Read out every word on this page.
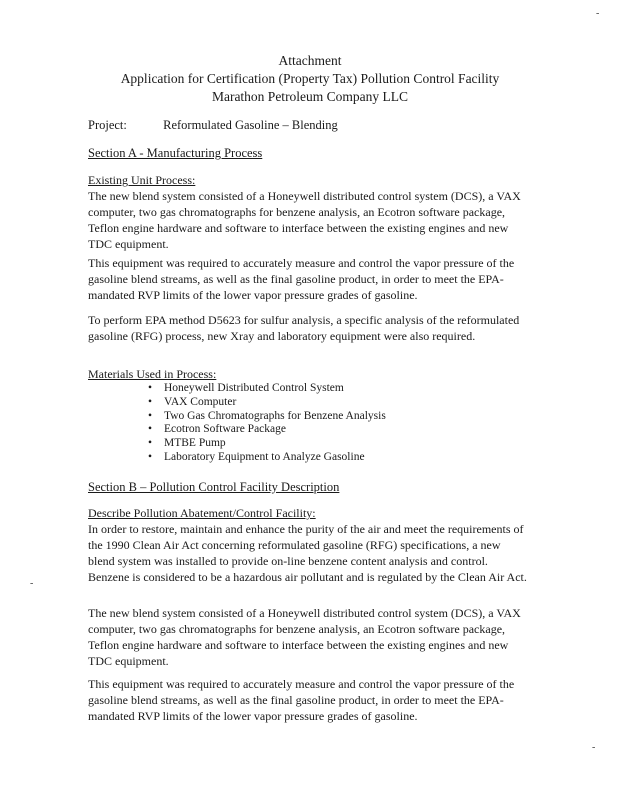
Attachment
Application for Certification (Property Tax) Pollution Control Facility
Marathon Petroleum Company LLC
Project:	Reformulated Gasoline – Blending
Section A - Manufacturing Process
Existing Unit Process:
The new blend system consisted of a Honeywell distributed control system (DCS), a VAX computer, two gas chromatographs for benzene analysis, an Ecotron software package, Teflon engine hardware and software to interface between the existing engines and new TDC equipment.
This equipment was required to accurately measure and control the vapor pressure of the gasoline blend streams, as well as the final gasoline product, in order to meet the EPA-mandated RVP limits of the lower vapor pressure grades of gasoline.
To perform EPA method D5623 for sulfur analysis, a specific analysis of the reformulated gasoline (RFG) process, new Xray and laboratory equipment were also required.
Materials Used in Process:
• Honeywell Distributed Control System
• VAX Computer
• Two Gas Chromatographs for Benzene Analysis
• Ecotron Software Package
• MTBE Pump
• Laboratory Equipment to Analyze Gasoline
Section B – Pollution Control Facility Description
Describe Pollution Abatement/Control Facility:
In order to restore, maintain and enhance the purity of the air and meet the requirements of the 1990 Clean Air Act concerning reformulated gasoline (RFG) specifications, a new blend system was installed to provide on-line benzene content analysis and control. Benzene is considered to be a hazardous air pollutant and is regulated by the Clean Air Act.
The new blend system consisted of a Honeywell distributed control system (DCS), a VAX computer, two gas chromatographs for benzene analysis, an Ecotron software package, Teflon engine hardware and software to interface between the existing engines and new TDC equipment.
This equipment was required to accurately measure and control the vapor pressure of the gasoline blend streams, as well as the final gasoline product, in order to meet the EPA-mandated RVP limits of the lower vapor pressure grades of gasoline.
-
-
-
